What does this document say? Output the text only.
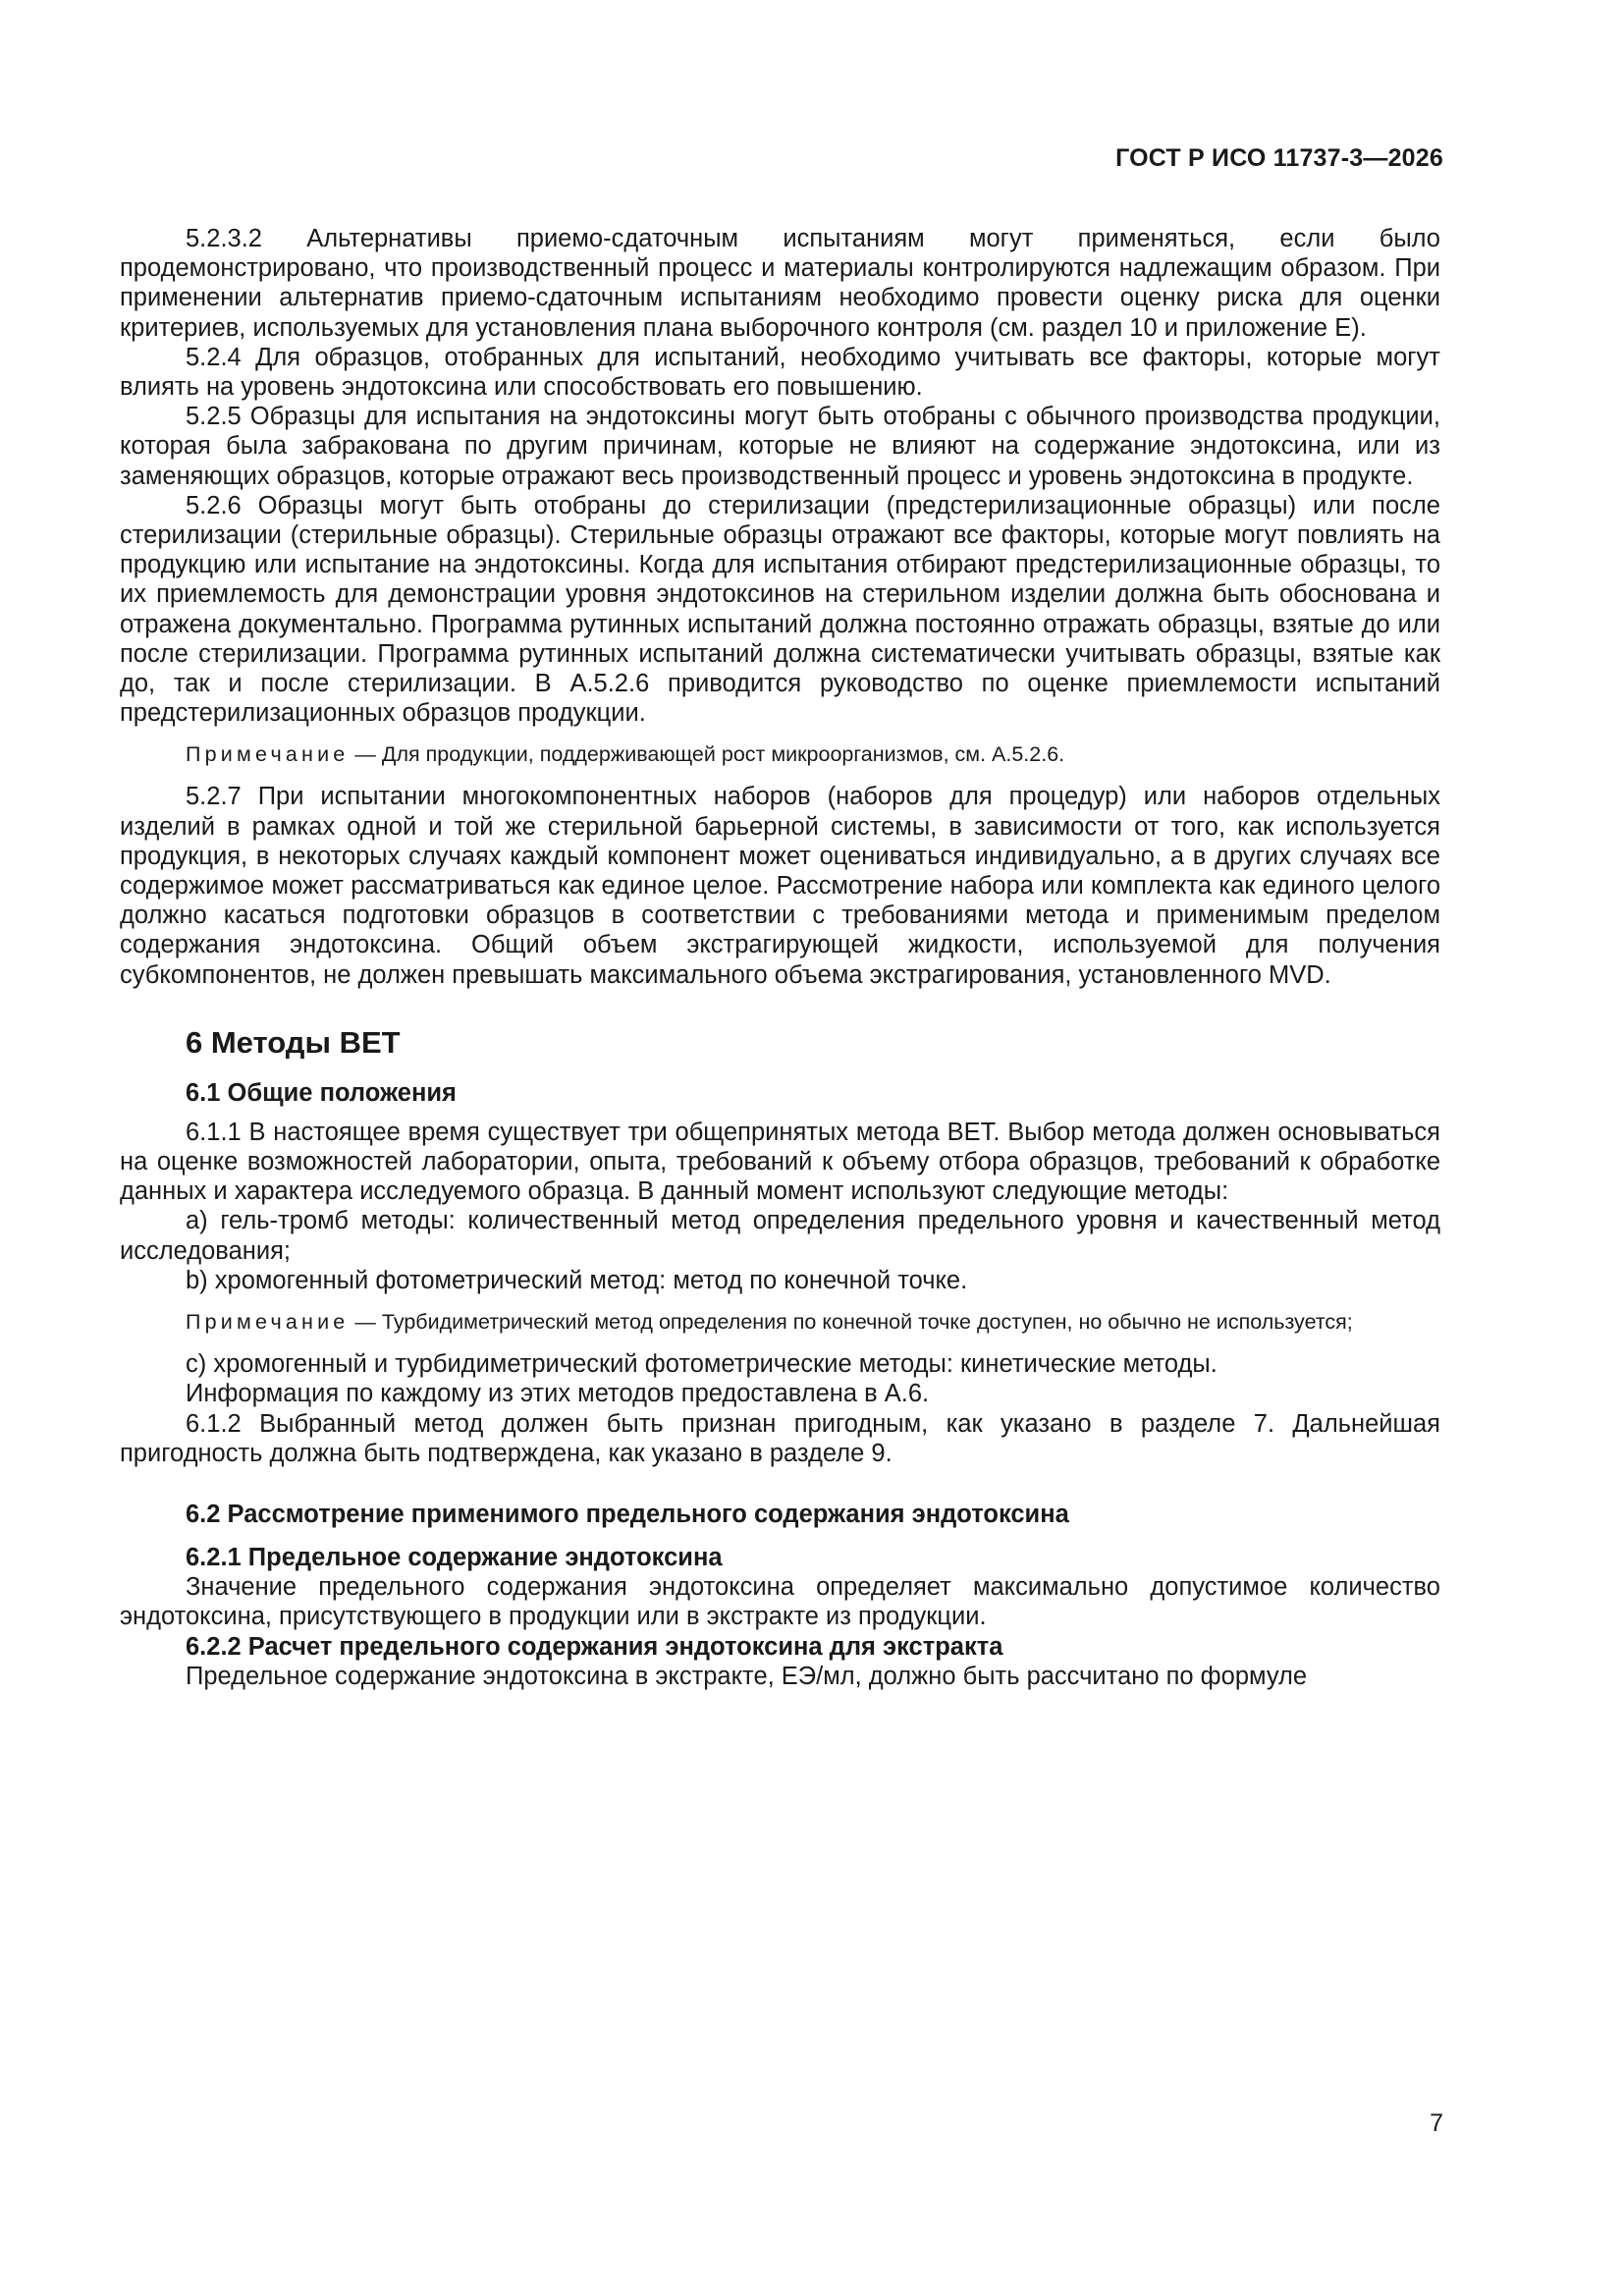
ГОСТ Р ИСО 11737-3—2026

5.2.3.2 Альтернативы приемо-сдаточным испытаниям могут применяться, если было продемонстрировано, что производственный процесс и материалы контролируются надлежащим образом. При применении альтернатив приемо-сдаточным испытаниям необходимо провести оценку риска для оценки критериев, используемых для установления плана выборочного контроля (см. раздел 10 и приложение E).

5.2.4 Для образцов, отобранных для испытаний, необходимо учитывать все факторы, которые могут влиять на уровень эндотоксина или способствовать его повышению.

5.2.5 Образцы для испытания на эндотоксины могут быть отобраны с обычного производства продукции, которая была забракована по другим причинам, которые не влияют на содержание эндотоксина, или из заменяющих образцов, которые отражают весь производственный процесс и уровень эндотоксина в продукте.

5.2.6 Образцы могут быть отобраны до стерилизации (предстерилизационные образцы) или после стерилизации (стерильные образцы). Стерильные образцы отражают все факторы, которые могут повлиять на продукцию или испытание на эндотоксины. Когда для испытания отбирают предстерилизационные образцы, то их приемлемость для демонстрации уровня эндотоксинов на стерильном изделии должна быть обоснована и отражена документально. Программа рутинных испытаний должна постоянно отражать образцы, взятые до или после стерилизации. Программа рутинных испытаний должна систематически учитывать образцы, взятые как до, так и после стерилизации. В А.5.2.6 приводится руководство по оценке приемлемости испытаний предстерилизационных образцов продукции.

Примечание — Для продукции, поддерживающей рост микроорганизмов, см. А.5.2.6.

5.2.7 При испытании многокомпонентных наборов (наборов для процедур) или наборов отдельных изделий в рамках одной и той же стерильной барьерной системы, в зависимости от того, как используется продукция, в некоторых случаях каждый компонент может оцениваться индивидуально, а в других случаях все содержимое может рассматриваться как единое целое. Рассмотрение набора или комплекта как единого целого должно касаться подготовки образцов в соответствии с требованиями метода и применимым пределом содержания эндотоксина. Общий объем экстрагирующей жидкости, используемой для получения субкомпонентов, не должен превышать максимального объема экстрагирования, установленного MVD.

6 Методы BET
6.1 Общие положения

6.1.1 В настоящее время существует три общепринятых метода BET. Выбор метода должен основываться на оценке возможностей лаборатории, опыта, требований к объему отбора образцов, требований к обработке данных и характера исследуемого образца. В данный момент используют следующие методы:

a) гель-тромб методы: количественный метод определения предельного уровня и качественный метод исследования;

b) хромогенный фотометрический метод: метод по конечной точке.

Примечание — Турбидиметрический метод определения по конечной точке доступен, но обычно не используется;

c) хромогенный и турбидиметрический фотометрические методы: кинетические методы.

Информация по каждому из этих методов предоставлена в А.6.

6.1.2 Выбранный метод должен быть признан пригодным, как указано в разделе 7. Дальнейшая пригодность должна быть подтверждена, как указано в разделе 9.

6.2 Рассмотрение применимого предельного содержания эндотоксина
6.2.1 Предельное содержание эндотоксина

Значение предельного содержания эндотоксина определяет максимально допустимое количество эндотоксина, присутствующего в продукции или в экстракте из продукции.

6.2.2 Расчет предельного содержания эндотоксина для экстракта

Предельное содержание эндотоксина в экстракте, ЕЭ/мл, должно быть рассчитано по формуле

7
